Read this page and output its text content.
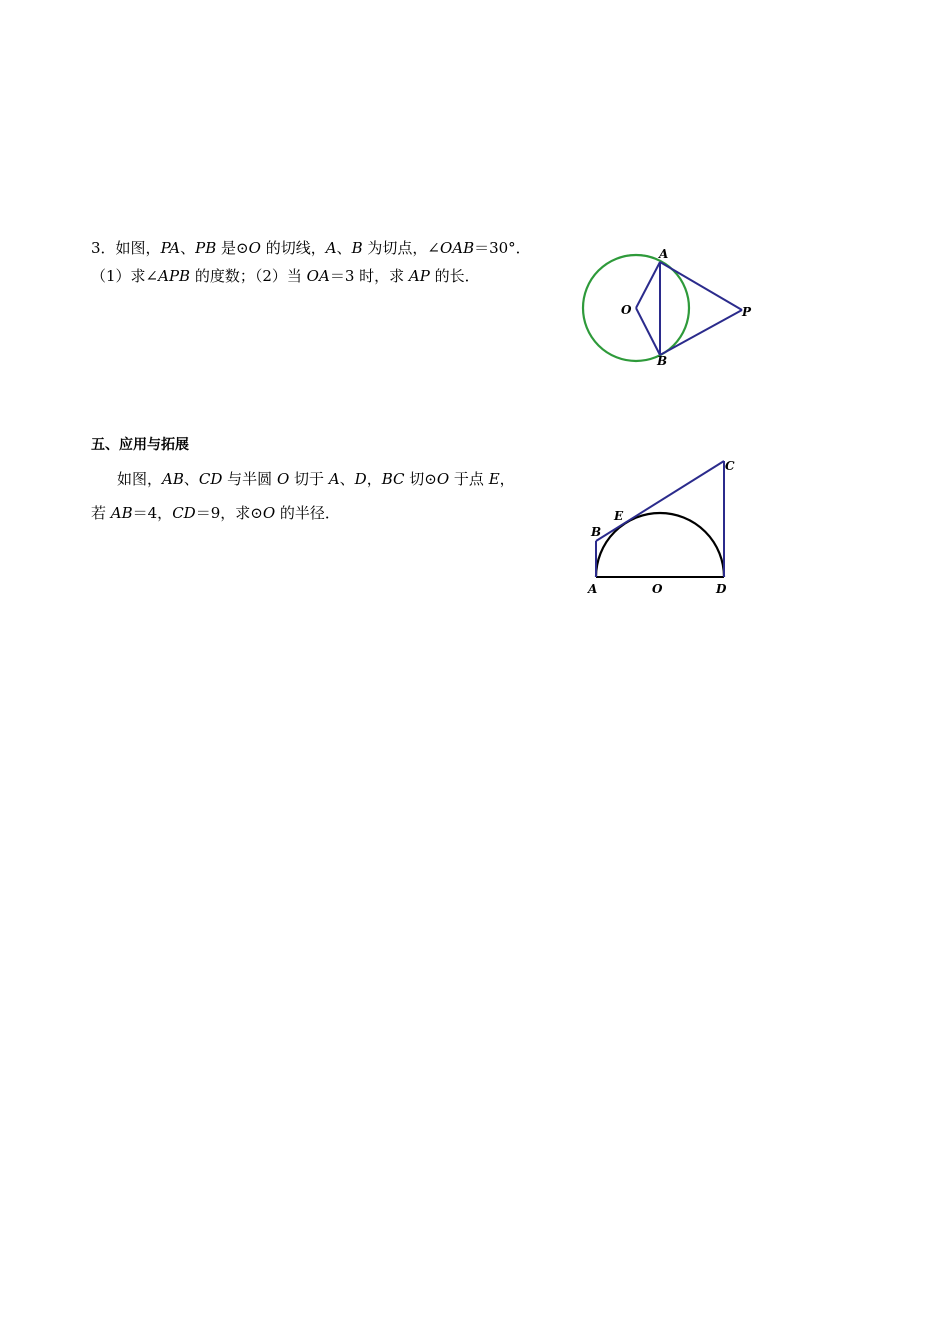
3．如图，PA、PB 是⊙O 的切线，A、B 为切点，∠OAB＝30°．
（1）求∠APB 的度数；（2）当 OA＝3 时，求 AP 的长．
A
O	P
B
C
E
B
A	O	D
五、应用与拓展
如图，AB、CD 与半圆 O 切于 A、D，BC 切⊙O 于点 E，
若 AB＝4，CD＝9，求⊙O 的半径．
